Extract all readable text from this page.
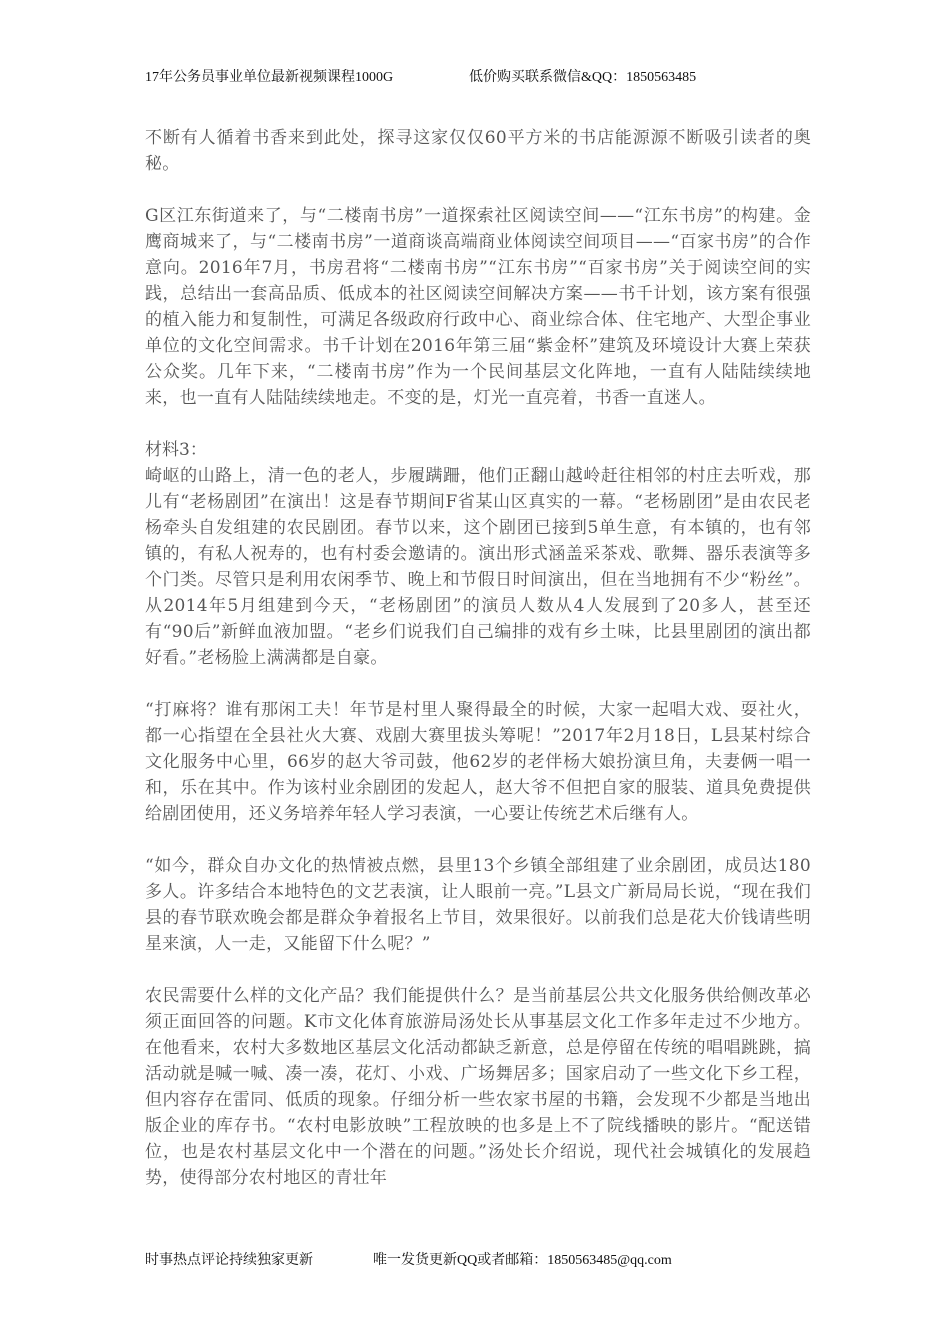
17年公务员事业单位最新视频课程1000G	低价购买联系微信&QQ：1850563485

不断有人循着书香来到此处，探寻这家仅仅60平方米的书店能源源不断吸引读者的奥秘。

G区江东街道来了，与“二楼南书房”一道探索社区阅读空间——“江东书房”的构建。金鹰商城来了，与“二楼南书房”一道商谈高端商业体阅读空间项目——“百家书房”的合作意向。2016年7月，书房君将“二楼南书房”“江东书房”“百家书房”关于阅读空间的实践，总结出一套高品质、低成本的社区阅读空间解决方案——书千计划，该方案有很强的植入能力和复制性，可满足各级政府行政中心、商业综合体、住宅地产、大型企事业单位的文化空间需求。书千计划在2016年第三届“紫金杯”建筑及环境设计大赛上荣获公众奖。几年下来，“二楼南书房”作为一个民间基层文化阵地，一直有人陆陆续续地来，也一直有人陆陆续续地走。不变的是，灯光一直亮着，书香一直迷人。

材料3：

崎岖的山路上，清一色的老人，步履蹒跚，他们正翻山越岭赶往相邻的村庄去听戏，那儿有“老杨剧团”在演出！这是春节期间F省某山区真实的一幕。“老杨剧团”是由农民老杨牵头自发组建的农民剧团。春节以来，这个剧团已接到5单生意，有本镇的，也有邻镇的，有私人祝寿的，也有村委会邀请的。演出形式涵盖采茶戏、歌舞、器乐表演等多个门类。尽管只是利用农闲季节、晚上和节假日时间演出，但在当地拥有不少“粉丝”。从2014年5月组建到今天，“老杨剧团”的演员人数从4人发展到了20多人，甚至还有“90后”新鲜血液加盟。“老乡们说我们自己编排的戏有乡土味，比县里剧团的演出都好看。”老杨脸上满满都是自豪。

“打麻将？谁有那闲工夫！年节是村里人聚得最全的时候，大家一起唱大戏、耍社火，都一心指望在全县社火大赛、戏剧大赛里拔头筹呢！”2017年2月18日，L县某村综合文化服务中心里，66岁的赵大爷司鼓，他62岁的老伴杨大娘扮演旦角，夫妻俩一唱一和，乐在其中。作为该村业余剧团的发起人，赵大爷不但把自家的服装、道具免费提供给剧团使用，还义务培养年轻人学习表演，一心要让传统艺术后继有人。

“如今，群众自办文化的热情被点燃，县里13个乡镇全部组建了业余剧团，成员达180多人。许多结合本地特色的文艺表演，让人眼前一亮。”L县文广新局局长说，“现在我们县的春节联欢晚会都是群众争着报名上节目，效果很好。以前我们总是花大价钱请些明星来演，人一走，又能留下什么呢？”

农民需要什么样的文化产品？我们能提供什么？是当前基层公共文化服务供给侧改革必须正面回答的问题。K市文化体育旅游局汤处长从事基层文化工作多年走过不少地方。在他看来，农村大多数地区基层文化活动都缺乏新意，总是停留在传统的唱唱跳跳，搞活动就是喊一喊、凑一凑，花灯、小戏、广场舞居多；国家启动了一些文化下乡工程，但内容存在雷同、低质的现象。仔细分析一些农家书屋的书籍，会发现不少都是当地出版企业的库存书。“农村电影放映”工程放映的也多是上不了院线播映的影片。“配送错位，也是农村基层文化中一个潜在的问题。”汤处长介绍说，现代社会城镇化的发展趋势，使得部分农村地区的青壮年

时事热点评论持续独家更新	唯一发货更新QQ或者邮箱：1850563485@qq.com
